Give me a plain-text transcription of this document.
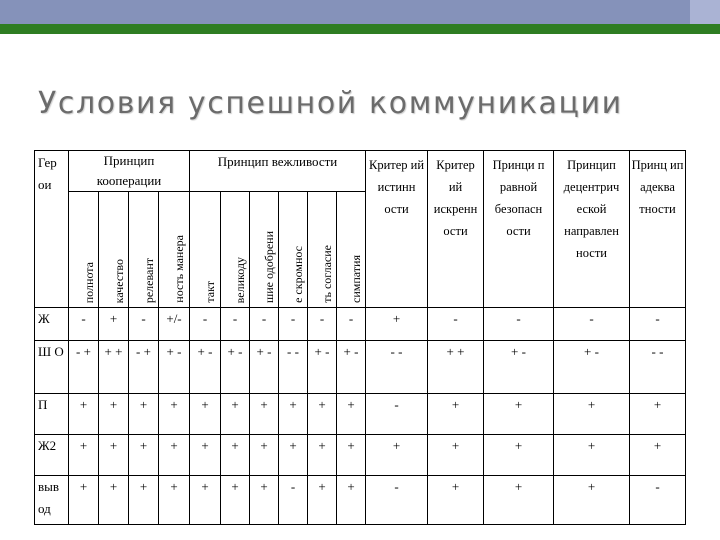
Условия успешной коммуникации
Гер ои	Принцип кооперации				Принцип вежливости						Критер ий истинн ости	Критер ий искренн ости	Принци п равной безопасн ости	Принцип децентрич еской направлен ности	Принц ип адеква тности

	полнота	качество	релевант	ность манера	такт	великоду	шие одобрени	е скромнос	ть согласие	симпатия					

Ж	-	+	-	+/-	-	-	-	-	-	-	+	-	-	-	-
Ш О	- +	+ +	- +	+ -	+ -	+ -	+ -	- -	+ -	+ -	- -	+ +	+ -	+ -	- -
П	+	+	+	+	+	+	+	+	+	+	-	+	+	+	+
Ж2	+	+	+	+	+	+	+	+	+	+	+	+	+	+	+
выв од	+	+	+	+	+	+	+	-	+	+	-	+	+	+	-
